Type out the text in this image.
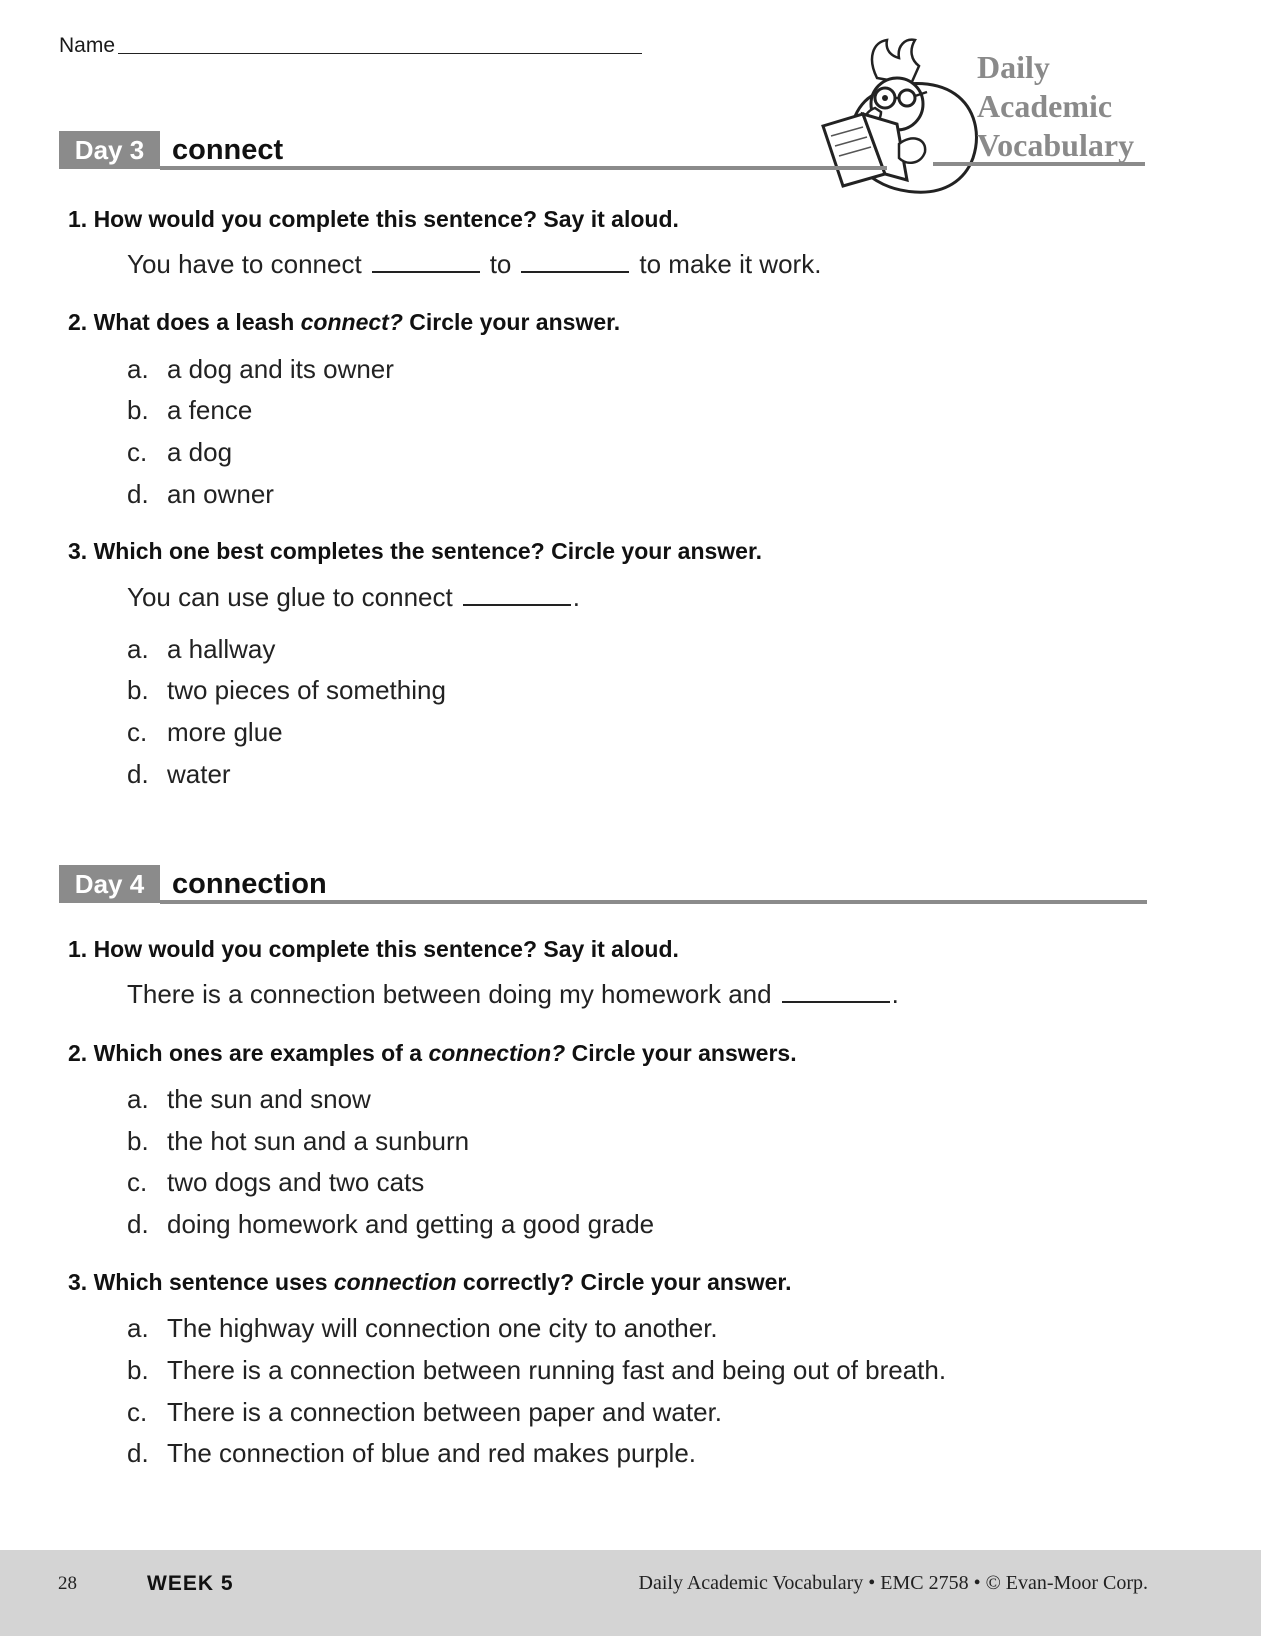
Name
Daily
Academic
Vocabulary
Day 3 connect
1. How would you complete this sentence? Say it aloud.
You have to connect	to	to make it work.
2. What does a leash connect? Circle your answer.
a. a dog and its owner
b. a fence
c. a dog
d. an owner
3. Which one best completes the sentence? Circle your answer.
You can use glue to connect	.
a. a hallway
b. two pieces of something
c. more glue
d. water
Day 4 connection
1. How would you complete this sentence? Say it aloud.
There is a connection between doing my homework and	.
2. Which ones are examples of a connection? Circle your answers.
a. the sun and snow
b. the hot sun and a sunburn
c. two dogs and two cats
d. doing homework and getting a good grade
3. Which sentence uses connection correctly? Circle your answer.
a. The highway will connection one city to another.
b. There is a connection between running fast and being out of breath.
c. There is a connection between paper and water.
d. The connection of blue and red makes purple.
28	WEEK 5	Daily Academic Vocabulary • EMC 2758 • © Evan-Moor Corp.
